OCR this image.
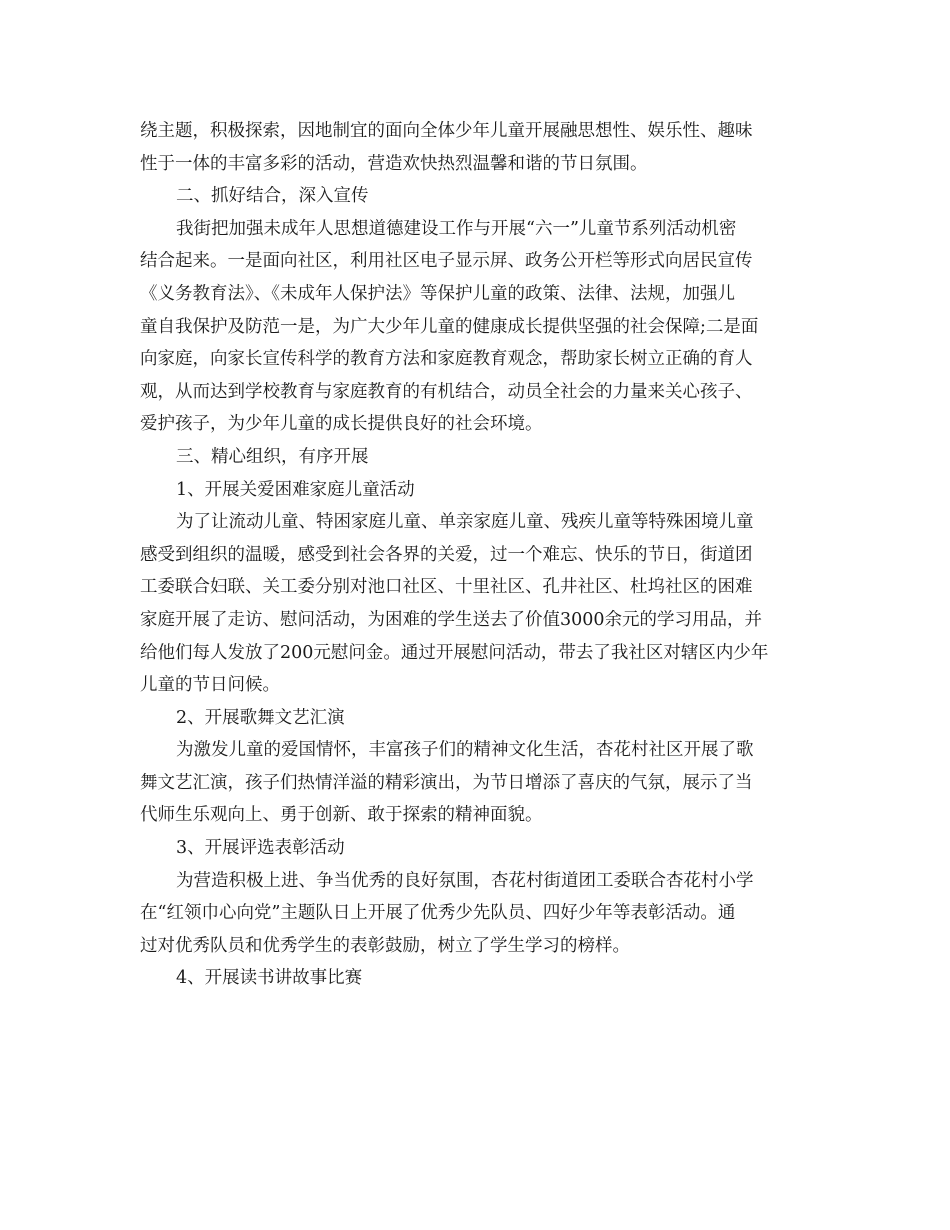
绕主题，积极探索，因地制宜的面向全体少年儿童开展融思想性、娱乐性、趣味
性于一体的丰富多彩的活动，营造欢快热烈温馨和谐的节日氛围。
二、抓好结合，深入宣传
我街把加强未成年人思想道德建设工作与开展“六一”儿童节系列活动机密
结合起来。一是面向社区，利用社区电子显示屏、政务公开栏等形式向居民宣传
《义务教育法》、《未成年人保护法》等保护儿童的政策、法律、法规，加强儿
童自我保护及防范一是，为广大少年儿童的健康成长提供坚强的社会保障;二是面
向家庭，向家长宣传科学的教育方法和家庭教育观念，帮助家长树立正确的育人
观，从而达到学校教育与家庭教育的有机结合，动员全社会的力量来关心孩子、
爱护孩子，为少年儿童的成长提供良好的社会环境。
三、精心组织，有序开展
1、开展关爱困难家庭儿童活动
为了让流动儿童、特困家庭儿童、单亲家庭儿童、残疾儿童等特殊困境儿童
感受到组织的温暖，感受到社会各界的关爱，过一个难忘、快乐的节日，街道团
工委联合妇联、关工委分别对池口社区、十里社区、孔井社区、杜坞社区的困难
家庭开展了走访、慰问活动，为困难的学生送去了价值3000余元的学习用品，并
给他们每人发放了200元慰问金。通过开展慰问活动，带去了我社区对辖区内少年
儿童的节日问候。
2、开展歌舞文艺汇演
为激发儿童的爱国情怀，丰富孩子们的精神文化生活，杏花村社区开展了歌
舞文艺汇演，孩子们热情洋溢的精彩演出，为节日增添了喜庆的气氛，展示了当
代师生乐观向上、勇于创新、敢于探索的精神面貌。
3、开展评选表彰活动
为营造积极上进、争当优秀的良好氛围，杏花村街道团工委联合杏花村小学
在“红领巾心向党”主题队日上开展了优秀少先队员、四好少年等表彰活动。通
过对优秀队员和优秀学生的表彰鼓励，树立了学生学习的榜样。
4、开展读书讲故事比赛
